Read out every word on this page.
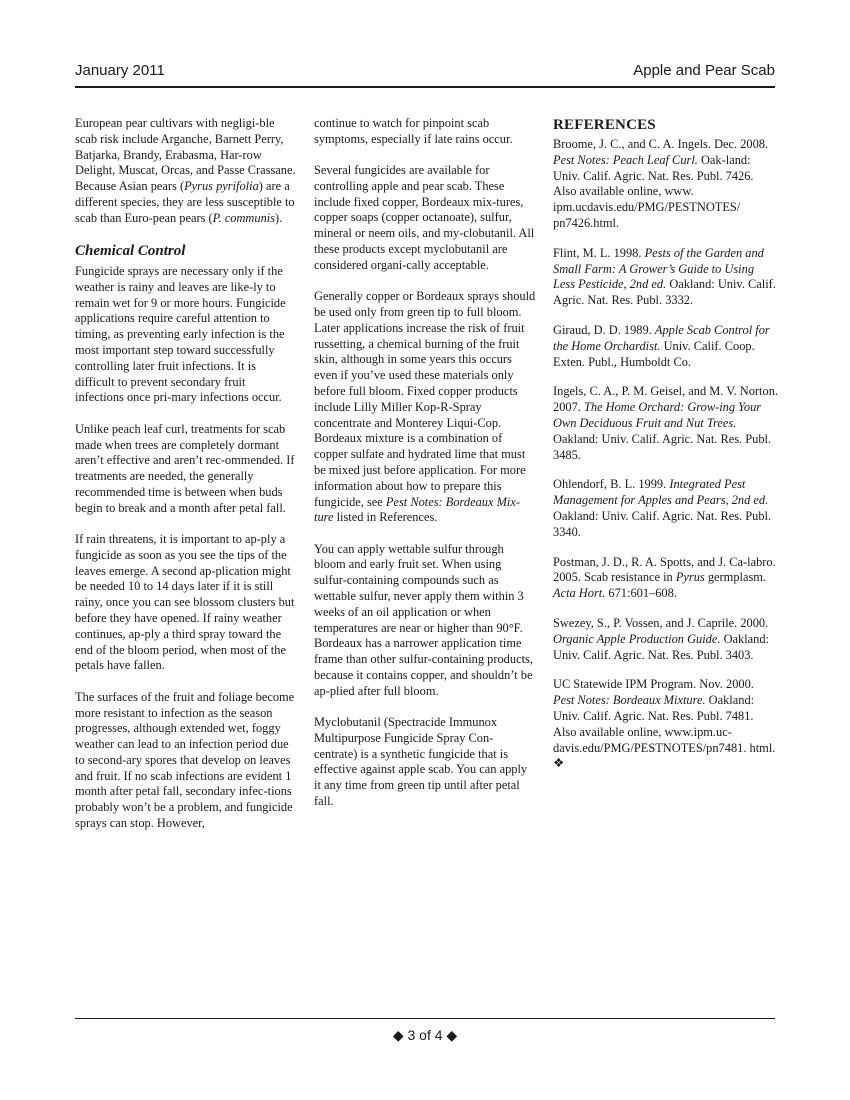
January 2011	Apple and Pear Scab

European pear cultivars with negligi-ble scab risk include Arganche, Barnett Perry, Batjarka, Brandy, Erabasma, Har-row Delight, Muscat, Orcas, and Passe Crassane. Because Asian pears (Pyrus pyrifolia) are a different species, they are less susceptible to scab than Euro-pean pears (P. communis).

Chemical Control

Fungicide sprays are necessary only if the weather is rainy and leaves are like-ly to remain wet for 9 or more hours. Fungicide applications require careful attention to timing, as preventing early infection is the most important step toward successfully controlling later fruit infections. It is difficult to prevent secondary fruit infections once pri-mary infections occur.

Unlike peach leaf curl, treatments for scab made when trees are completely dormant aren’t effective and aren’t rec-ommended. If treatments are needed, the generally recommended time is between when buds begin to break and a month after petal fall.

If rain threatens, it is important to ap-ply a fungicide as soon as you see the tips of the leaves emerge. A second ap-plication might be needed 10 to 14 days later if it is still rainy, once you can see blossom clusters but before they have opened. If rainy weather continues, ap-ply a third spray toward the end of the bloom period, when most of the petals have fallen.

The surfaces of the fruit and foliage become more resistant to infection as the season progresses, although extended wet, foggy weather can lead to an infection period due to second-ary spores that develop on leaves and fruit. If no scab infections are evident 1 month after petal fall, secondary infec-tions probably won’t be a problem, and fungicide sprays can stop. However,

continue to watch for pinpoint scab symptoms, especially if late rains occur.

Several fungicides are available for controlling apple and pear scab. These include fixed copper, Bordeaux mix-tures, copper soaps (copper octanoate), sulfur, mineral or neem oils, and my-clobutanil. All these products except myclobutanil are considered organi-cally acceptable.

Generally copper or Bordeaux sprays should be used only from green tip to full bloom. Later applications increase the risk of fruit russetting, a chemical burning of the fruit skin, although in some years this occurs even if you’ve used these materials only before full bloom. Fixed copper products include Lilly Miller Kop-R-Spray concentrate and Monterey Liqui-Cop. Bordeaux mixture is a combination of copper sulfate and hydrated lime that must be mixed just before application. For more information about how to prepare this fungicide, see Pest Notes: Bordeaux Mix-ture listed in References.

You can apply wettable sulfur through bloom and early fruit set. When using sulfur-containing compounds such as wettable sulfur, never apply them within 3 weeks of an oil application or when temperatures are near or higher than 90°F. Bordeaux has a narrower application time frame than other sulfur-containing products, because it contains copper, and shouldn’t be ap-plied after full bloom.

Myclobutanil (Spectracide Immunox Multipurpose Fungicide Spray Con-centrate) is a synthetic fungicide that is effective against apple scab. You can apply it any time from green tip until after petal fall.

REFERENCES

Broome, J. C., and C. A. Ingels. Dec. 2008. Pest Notes: Peach Leaf Curl. Oak-land: Univ. Calif. Agric. Nat. Res. Publ. 7426. Also available online, www. ipm.ucdavis.edu/PMG/PESTNOTES/ pn7426.html.

Flint, M. L. 1998. Pests of the Garden and Small Farm: A Grower’s Guide to Using Less Pesticide, 2nd ed. Oakland: Univ. Calif. Agric. Nat. Res. Publ. 3332.

Giraud, D. D. 1989. Apple Scab Control for the Home Orchardist. Univ. Calif. Coop. Exten. Publ., Humboldt Co.

Ingels, C. A., P. M. Geisel, and M. V. Norton. 2007. The Home Orchard: Grow-ing Your Own Deciduous Fruit and Nut Trees. Oakland: Univ. Calif. Agric. Nat. Res. Publ. 3485.

Ohlendorf, B. L. 1999. Integrated Pest Management for Apples and Pears, 2nd ed. Oakland: Univ. Calif. Agric. Nat. Res. Publ. 3340.

Postman, J. D., R. A. Spotts, and J. Ca-labro. 2005. Scab resistance in Pyrus germplasm. Acta Hort. 671:601–608.

Swezey, S., P. Vossen, and J. Caprile. 2000. Organic Apple Production Guide. Oakland: Univ. Calif. Agric. Nat. Res. Publ. 3403.

UC Statewide IPM Program. Nov. 2000. Pest Notes: Bordeaux Mixture. Oakland: Univ. Calif. Agric. Nat. Res. Publ. 7481. Also available online, www.ipm.uc-davis.edu/PMG/PESTNOTES/pn7481. html. ❖

◆ 3 of 4 ◆
